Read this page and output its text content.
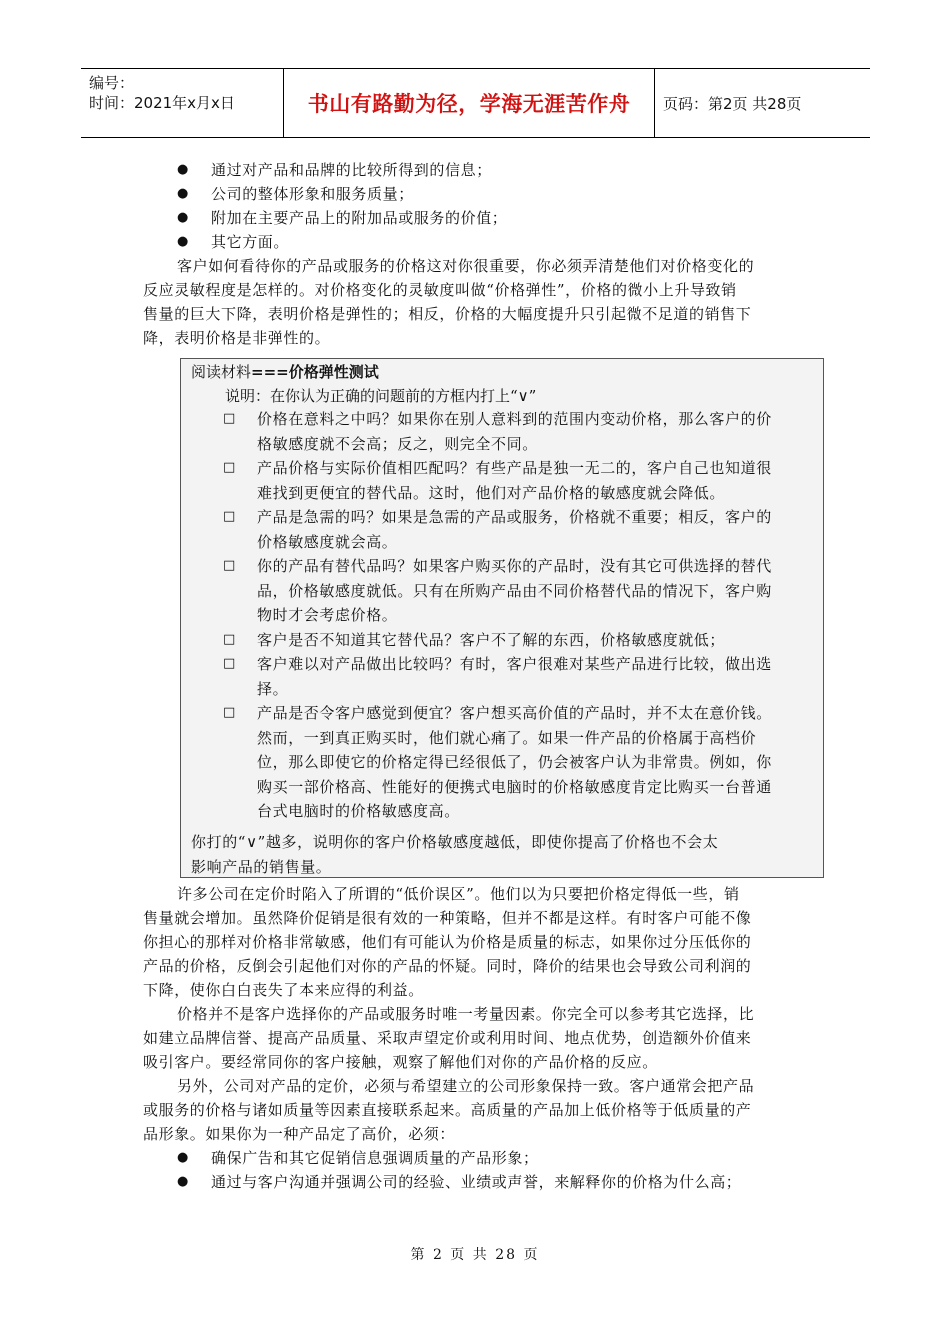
编号：
时间：2021年x月x日	书山有路勤为径，学海无涯苦作舟	页码：第2页 共28页
●	通过对产品和品牌的比较所得到的信息；
●	公司的整体形象和服务质量；
●	附加在主要产品上的附加品或服务的价值；
●	其它方面。
客户如何看待你的产品或服务的价格这对你很重要，你必须弄清楚他们对价格变化的
反应灵敏程度是怎样的。对价格变化的灵敏度叫做“价格弹性”，价格的微小上升导致销
售量的巨大下降，表明价格是弹性的；相反，价格的大幅度提升只引起微不足道的销售下
降，表明价格是非弹性的。
阅读材料===价格弹性测试
说明：在你认为正确的问题前的方框内打上“∨”
□	价格在意料之中吗？如果你在别人意料到的范围内变动价格，那么客户的价
格敏感度就不会高；反之，则完全不同。
□	产品价格与实际价值相匹配吗？有些产品是独一无二的，客户自己也知道很
难找到更便宜的替代品。这时，他们对产品价格的敏感度就会降低。
□	产品是急需的吗？如果是急需的产品或服务，价格就不重要；相反，客户的
价格敏感度就会高。
□	你的产品有替代品吗？如果客户购买你的产品时，没有其它可供选择的替代
品，价格敏感度就低。只有在所购产品由不同价格替代品的情况下，客户购
物时才会考虑价格。
□	客户是否不知道其它替代品？客户不了解的东西，价格敏感度就低；
□	客户难以对产品做出比较吗？有时，客户很难对某些产品进行比较，做出选
择。
□	产品是否令客户感觉到便宜？客户想买高价值的产品时，并不太在意价钱。
然而，一到真正购买时，他们就心痛了。如果一件产品的价格属于高档价
位，那么即使它的价格定得已经很低了，仍会被客户认为非常贵。例如，你
购买一部价格高、性能好的便携式电脑时的价格敏感度肯定比购买一台普通
台式电脑时的价格敏感度高。
你打的“∨”越多，说明你的客户价格敏感度越低，即使你提高了价格也不会太
影响产品的销售量。
许多公司在定价时陷入了所谓的“低价误区”。他们以为只要把价格定得低一些，销
售量就会增加。虽然降价促销是很有效的一种策略，但并不都是这样。有时客户可能不像
你担心的那样对价格非常敏感，他们有可能认为价格是质量的标志，如果你过分压低你的
产品的价格，反倒会引起他们对你的产品的怀疑。同时，降价的结果也会导致公司利润的
下降，使你白白丧失了本来应得的利益。
价格并不是客户选择你的产品或服务时唯一考量因素。你完全可以参考其它选择，比
如建立品牌信誉、提高产品质量、采取声望定价或利用时间、地点优势，创造额外价值来
吸引客户。要经常同你的客户接触，观察了解他们对你的产品价格的反应。
另外，公司对产品的定价，必须与希望建立的公司形象保持一致。客户通常会把产品
或服务的价格与诸如质量等因素直接联系起来。高质量的产品加上低价格等于低质量的产
品形象。如果你为一种产品定了高价，必须：
●	确保广告和其它促销信息强调质量的产品形象；
●	通过与客户沟通并强调公司的经验、业绩或声誉，来解释你的价格为什么高；
第 2 页 共 28 页
